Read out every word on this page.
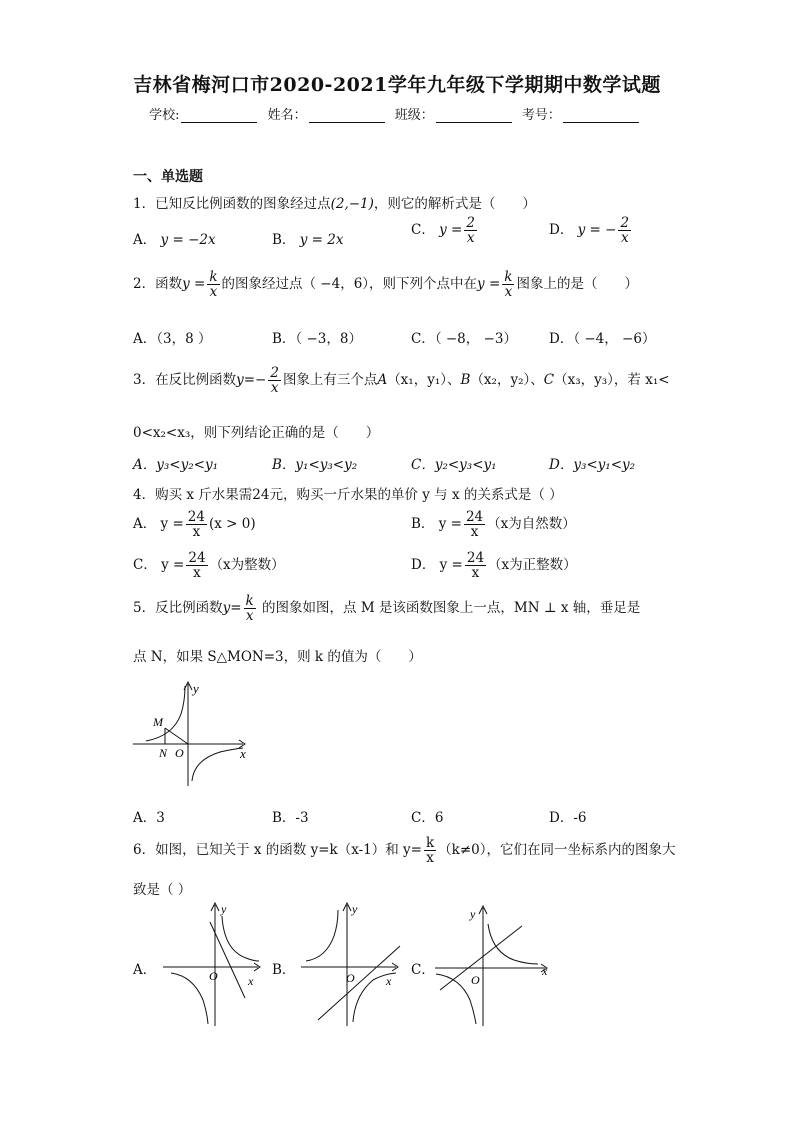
吉林省梅河口市2020-2021学年九年级下学期期中数学试题
学校:	姓名：	班级：	考号：
一、单选题
1．已知反比例函数的图象经过点(2,−1)，则它的解析式是（　　）
A． y = −2x	B． y = 2x
C． $y = \frac{2}{x}$	D． y = − $\frac{2}{x}$
2．函数$y = \frac{k}{x}$ 的图象经过点（ −4，6），则下列个点中在$y = \frac{k}{x}$ 图象上的是（　　）
A．（3，8 ）	B．（ −3，8）	C．（ −8， −3） D．（ −4， −6）
3．在反比例函数$y=- \frac{2}{x}$ 图象上有三个点A（x₁，y₁）、B（x₂，y₂）、C（x₃，y₃），若 x₁<
0<x₂<x₃，则下列结论正确的是（　　）
A．y₃<y₂<y₁	B．y₁<y₃<y₂	C．y₂<y₃<y₁	D．y₃<y₁<y₂
4．购买 x 斤水果需24元，购买一斤水果的单价 y 与 x 的关系式是（ ）
A． $y = \frac{24}{x} (x > 0)$	B． $y = \frac{24}{x} (x$为自然数）
C． $y = \frac{24}{x} (x$为整数）	D． $y = \frac{24}{x} (x$为正整数）
5．反比例函数$y= \frac{k}{x}$ 的图象如图，点 M 是该函数图象上一点，MN ⊥ x 轴，垂足是
点 N，如果 S△MON=3，则 k 的值为（　　）
y
x
M
N O
A．3	B．-3	C．6	D．-6
6．如图，已知关于 x 的函数 y=k（x-1）和 $y= \frac{k}{x} (k\ne 0)$，它们在同一坐标系内的图象大
致是（ ）
A．	B．	C．
y
x
O
y
x
O
y
x
O
